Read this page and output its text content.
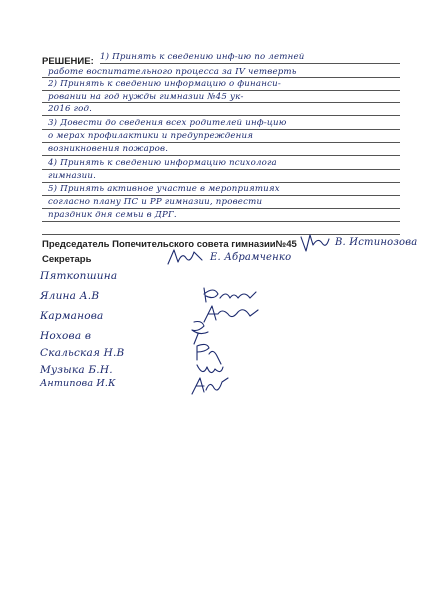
РЕШЕНИЕ: 1) Принять к сведению инф-ию по летней
работе воспитательного процесса за IV четверть
2) Принять к сведению информацию о финанси-
ровании на год нужды гимназии №45 ук-
2016 год.
3) Довести до сведения всех родителей инф-цию
о мерах профилактики и предупреждения
возникновения пожаров.
4) Принять к сведению информацию психолога
гимназии.
5) Принять активное участие в мероприятиях
согласно плану ПС и РР гимназии, провести
праздник дня семьи в ДРГ.
Председатель Попечительского совета гимназии№45	В. Истинозова
Секретарь	Е. Абрамченко
Пяткопшина
Ялина А.В
Карманова
Нохова в
Скальская Н.В
Музыка Б.Н.
Антипова И.К
